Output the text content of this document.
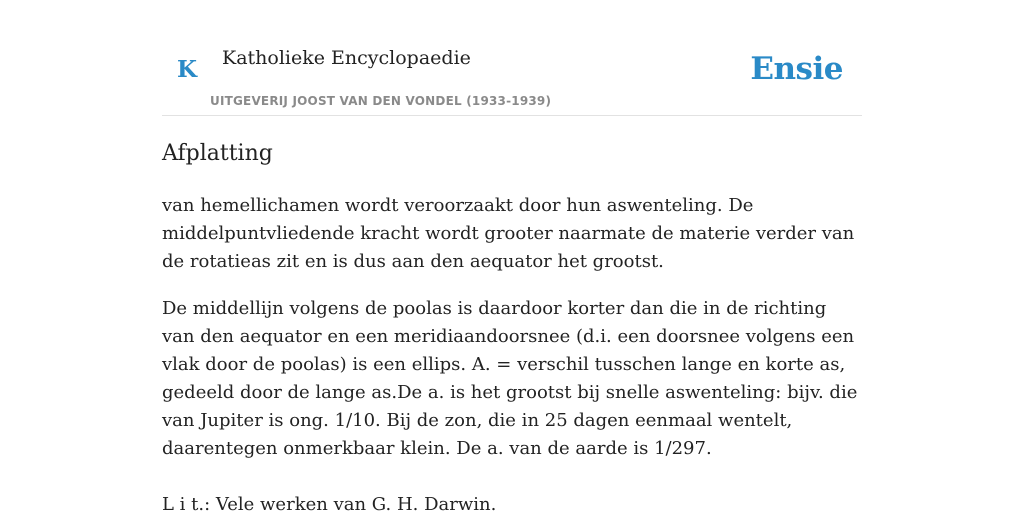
K Katholieke Encyclopaedie
UITGEVERIJ JOOST VAN DEN VONDEL (1933-1939)
Ensie
Afplatting

van hemellichamen wordt veroorzaakt door hun aswenteling. De middelpuntvliedende kracht wordt grooter naarmate de materie verder van de rotatieas zit en is dus aan den aequator het grootst.

De middellijn volgens de poolas is daardoor korter dan die in de richting van den aequator en een meridiaandoorsnee (d.i. een doorsnee volgens een vlak door de poolas) is een ellips. A. = verschil tusschen lange en korte as, gedeeld door de lange as.De a. is het grootst bij snelle aswenteling: bijv. die van Jupiter is ong. 1/10. Bij de zon, die in 25 dagen eenmaal wentelt, daarentegen onmerkbaar klein. De a. van de aarde is 1/297.

L i t.: Vele werken van G. H. Darwin.
